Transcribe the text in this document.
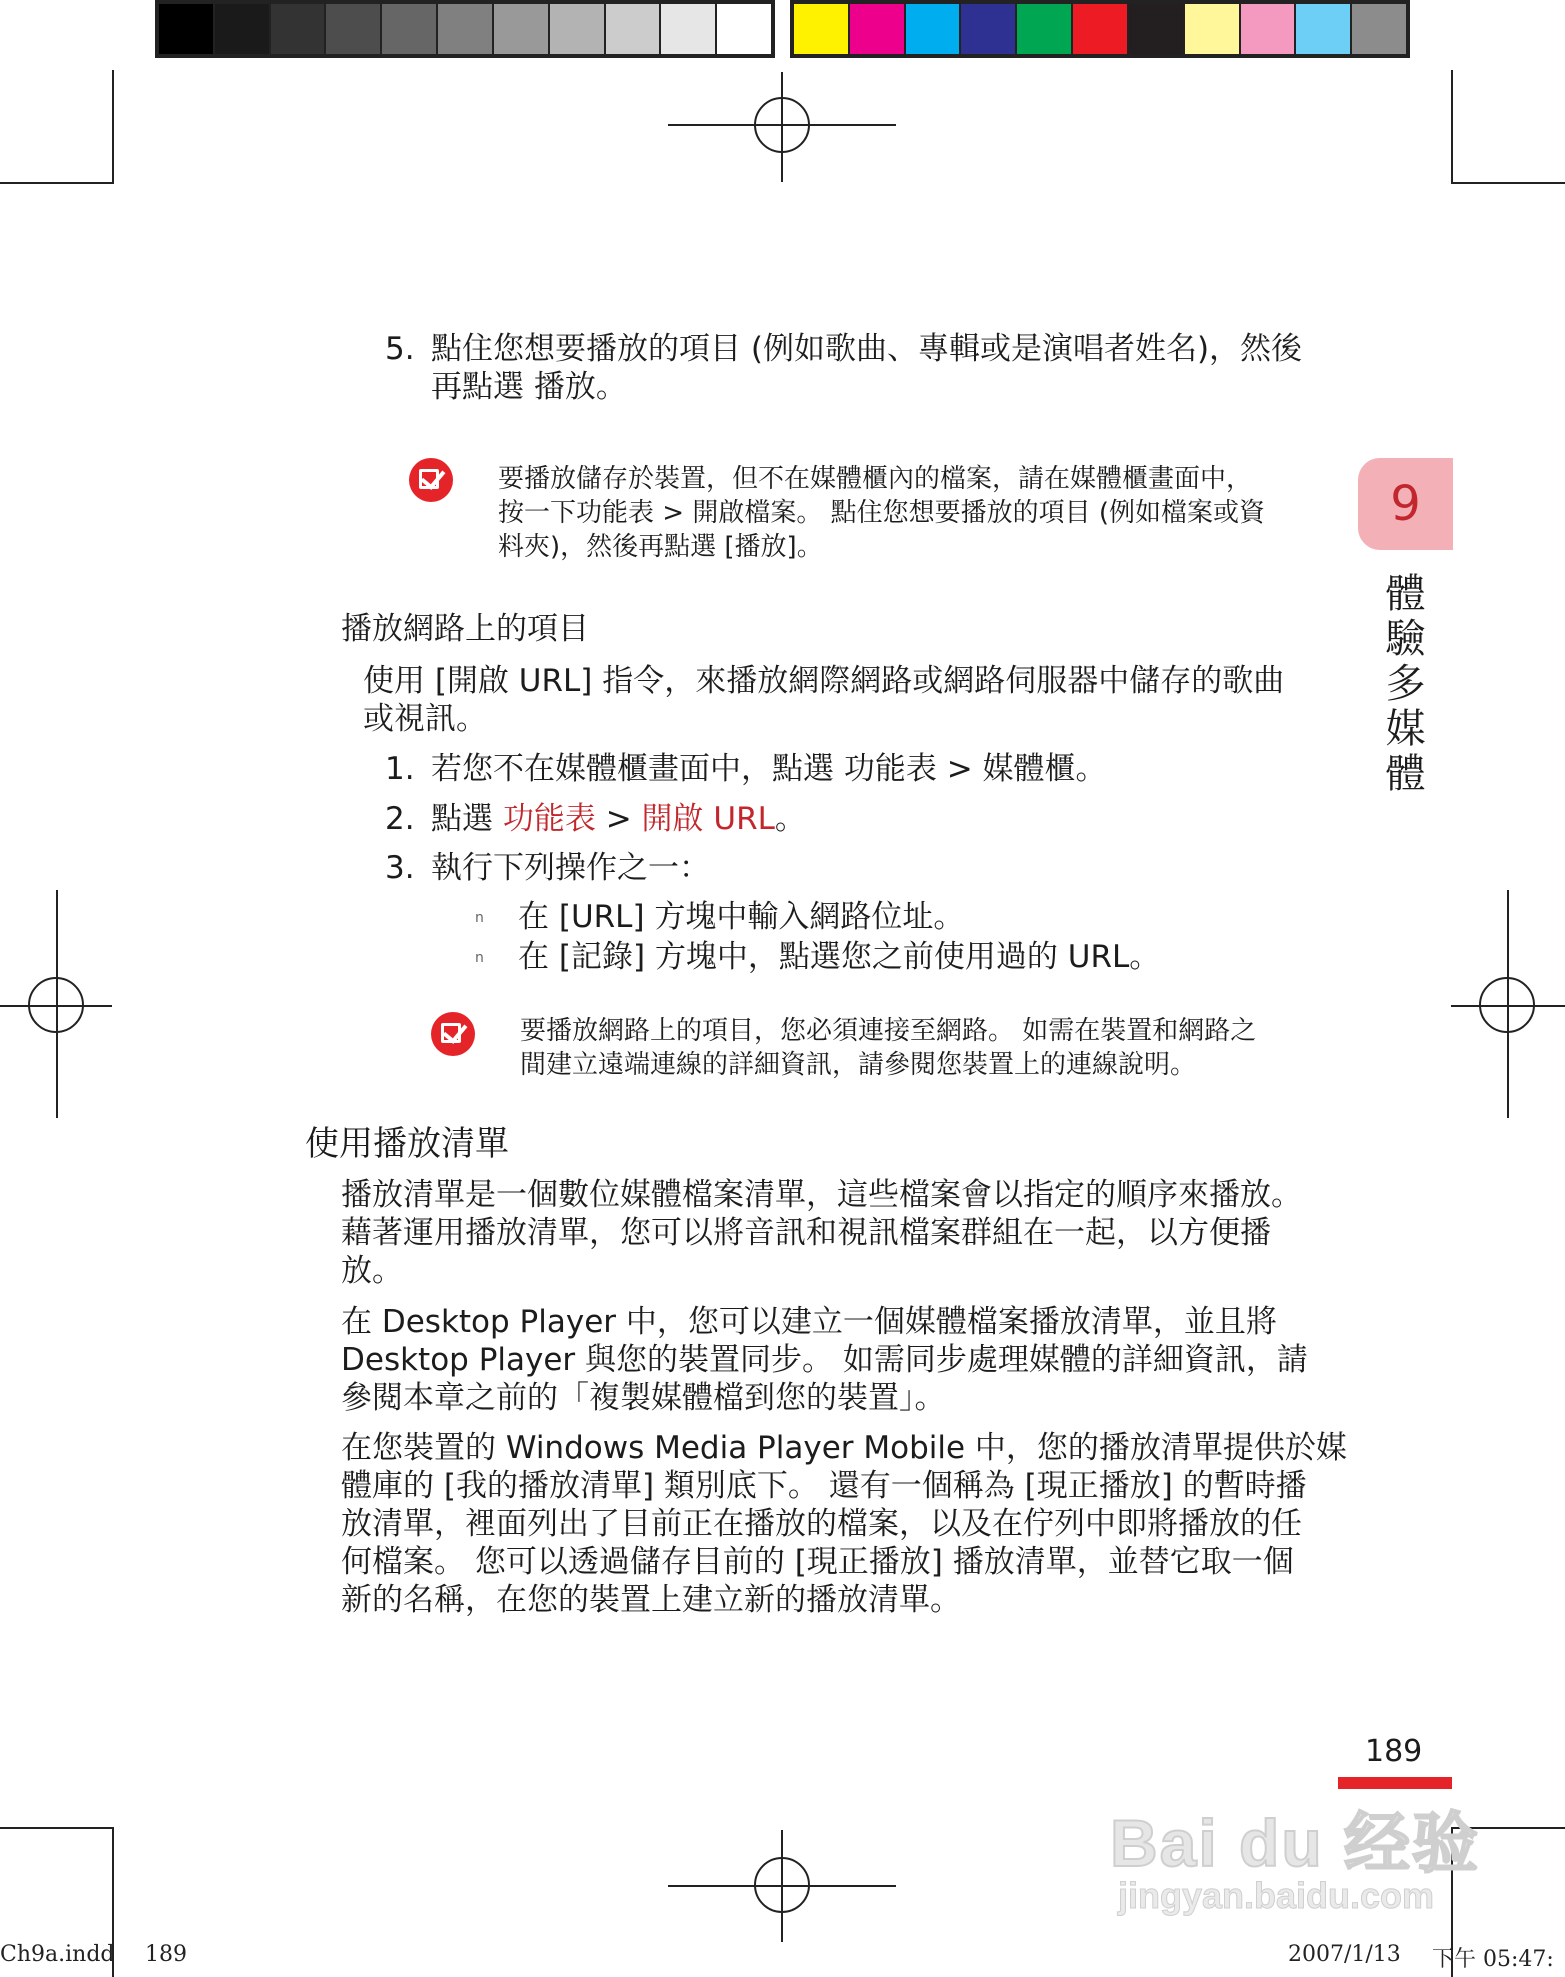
5. 點住您想要播放的項目 (例如歌曲、專輯或是演唱者姓名)，然後
再點選 播放。
要播放儲存於裝置，但不在媒體櫃內的檔案，請在媒體櫃畫面中，
按一下功能表 > 開啟檔案。 點住您想要播放的項目 (例如檔案或資
料夾)，然後再點選 [播放]。
播放網路上的項目
使用 [開啟 URL] 指令，來播放網際網路或網路伺服器中儲存的歌曲
或視訊。
1. 若您不在媒體櫃畫面中，點選 功能表 > 媒體櫃。
2. 點選 功能表 > 開啟 URL。
3. 執行下列操作之一：
n 在 [URL] 方塊中輸入網路位址。
n 在 [記錄] 方塊中，點選您之前使用過的 URL。
要播放網路上的項目，您必須連接至網路。 如需在裝置和網路之
間建立遠端連線的詳細資訊，請參閱您裝置上的連線說明。
使用播放清單
播放清單是一個數位媒體檔案清單，這些檔案會以指定的順序來播放。
藉著運用播放清單，您可以將音訊和視訊檔案群組在一起，以方便播
放。
在 Desktop Player 中，您可以建立一個媒體檔案播放清單，並且將
Desktop Player 與您的裝置同步。 如需同步處理媒體的詳細資訊，請
參閱本章之前的「複製媒體檔到您的裝置」。
在您裝置的 Windows Media Player Mobile 中，您的播放清單提供於媒
體庫的 [我的播放清單] 類別底下。 還有一個稱為 [現正播放] 的暫時播
放清單，裡面列出了目前正在播放的檔案，以及在佇列中即將播放的任
何檔案。 您可以透過儲存目前的 [現正播放] 播放清單，並替它取一個
新的名稱，在您的裝置上建立新的播放清單。
9
體
驗
多
媒
體
189
Bai du 经验
jingyan.baidu.com
Ch9a.indd 189	2007/1/13 下午 05:47:
